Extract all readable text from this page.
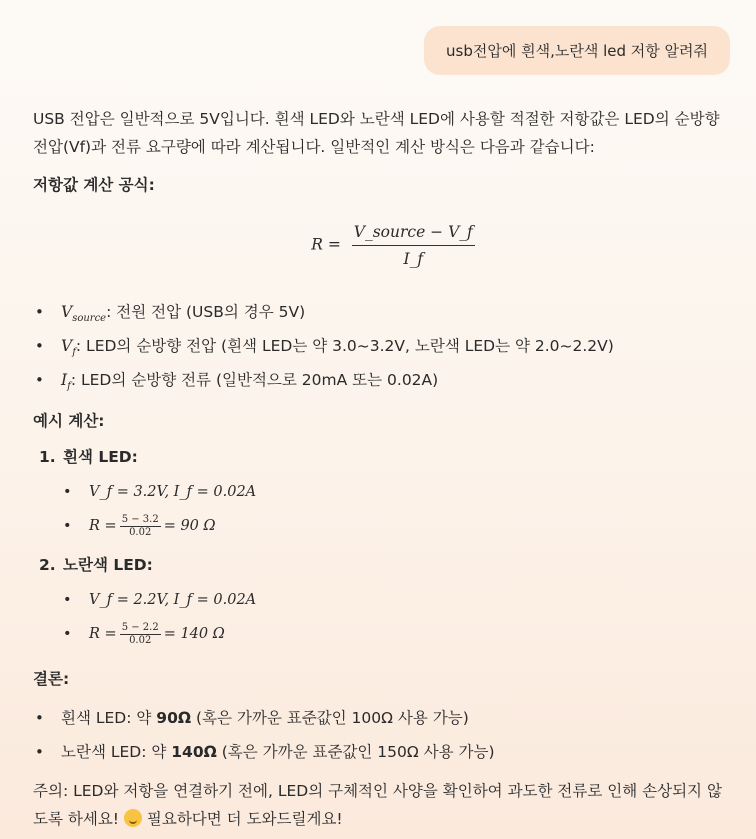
usb전압에 흰색,노란색 led 저항 알려줘

USB 전압은 일반적으로 5V입니다. 흰색 LED와 노란색 LED에 사용할 적절한 저항값은 LED의 순방향 전압(Vf)과 전류 요구량에 따라 계산됩니다. 일반적인 계산 방식은 다음과 같습니다:

저항값 계산 공식:

$R = \frac{\text{V\_source − V\_f}}{I\_f}$
• $V_{source}$: 전원 전압 (USB의 경우 5V)
• $V_f$: LED의 순방향 전압 (흰색 LED는 약 3.0~3.2V, 노란색 LED는 약 2.0~2.2V)
• $I_f$: LED의 순방향 전류 (일반적으로 20mA 또는 0.02A)

예시 계산:

1. 흰색 LED:
• V_f = 3.2V, I_f = 0.02A
• $R = \frac{5 - 3.2}{0.02} = 90$ Ω
2. 노란색 LED:
• V_f = 2.2V, I_f = 0.02A
• $R = \frac{5 - 2.2}{0.02} = 140$ Ω

결론:

• 흰색 LED: 약 90Ω (혹은 가까운 표준값인 100Ω 사용 가능)
• 노란색 LED: 약 140Ω (혹은 가까운 표준값인 150Ω 사용 가능)

주의: LED와 저항을 연결하기 전에, LED의 구체적인 사양을 확인하여 과도한 전류로 인해 손상되지 않도록 하세요!  필요하다면 더 도와드릴게요!
